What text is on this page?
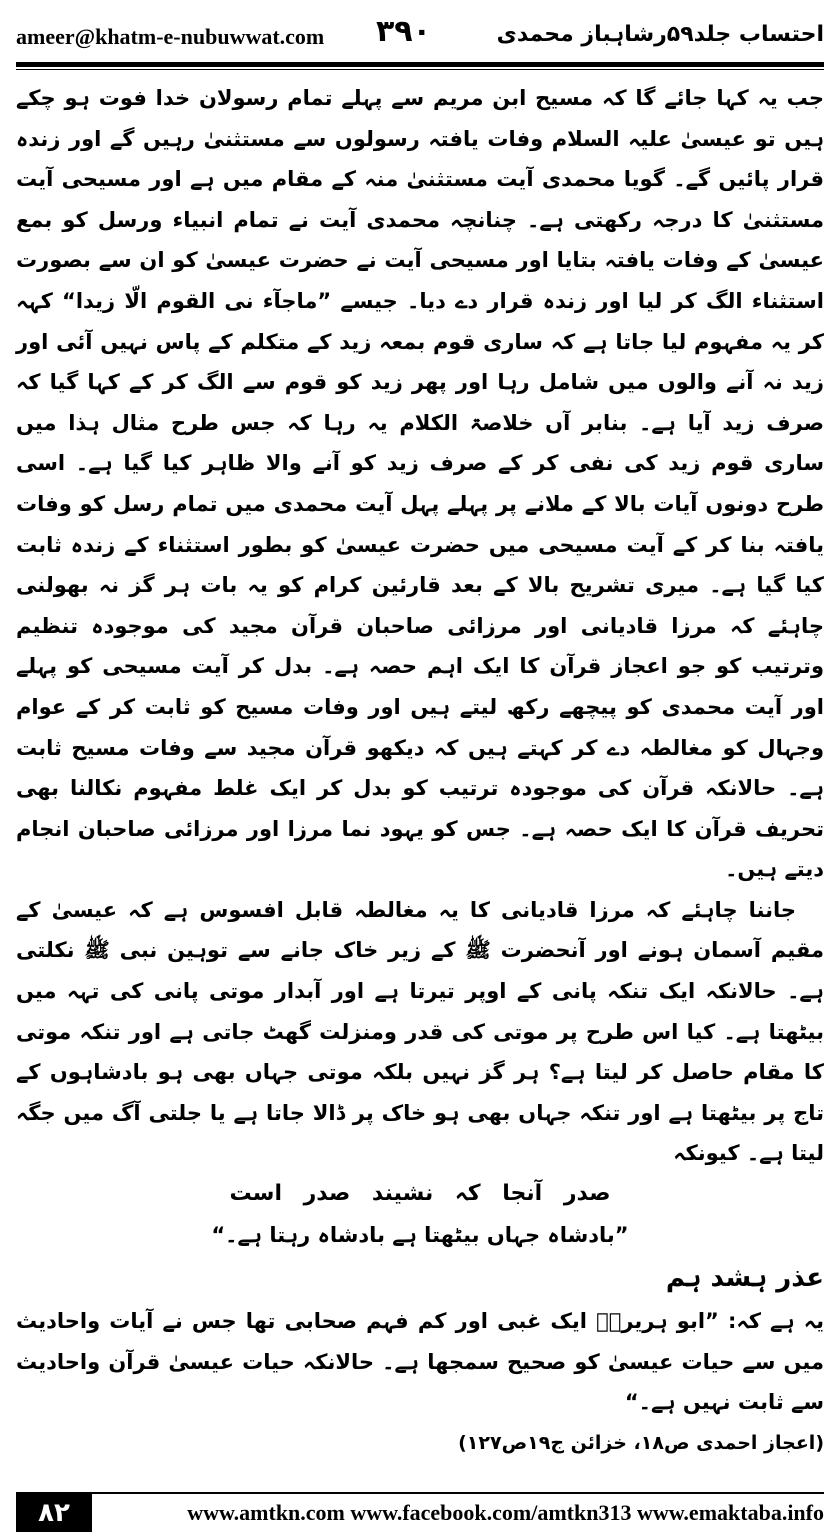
ameer@khatm-e-nubuwwat.com ۳۹۰	احتساب جلد۵۹رشاہباز محمدی

جب یہ کہا جائے گا کہ مسیح ابن مریم سے پہلے تمام رسولان خدا فوت ہو چکے ہیں تو عیسیٰ علیہ السلام وفات یافتہ رسولوں سے مستثنیٰ رہیں گے اور زندہ قرار پائیں گے۔ گویا محمدی آیت مستثنیٰ منہ کے مقام میں ہے اور مسیحی آیت مستثنیٰ کا درجہ رکھتی ہے۔ چنانچہ محمدی آیت نے تمام انبیاء ورسل کو بمع عیسیٰ کے وفات یافتہ بتایا اور مسیحی آیت نے حضرت عیسیٰ کو ان سے بصورت استثناء الگ کر لیا اور زندہ قرار دے دیا۔ جیسے ”ماجآء نی القوم الّا زیدا“ کہہ کر یہ مفہوم لیا جاتا ہے کہ ساری قوم بمعہ زید کے متکلم کے پاس نہیں آئی اور زید نہ آنے والوں میں شامل رہا اور پھر زید کو قوم سے الگ کر کے کہا گیا کہ صرف زید آیا ہے۔ بنابر آں خلاصۃ الکلام یہ رہا کہ جس طرح مثال ہذا میں ساری قوم زید کی نفی کر کے صرف زید کو آنے والا ظاہر کیا گیا ہے۔ اسی طرح دونوں آیات بالا کے ملانے پر پہلے پہل آیت محمدی میں تمام رسل کو وفات یافتہ بنا کر کے آیت مسیحی میں حضرت عیسیٰ کو بطور استثناء کے زندہ ثابت کیا گیا ہے۔ میری تشریح بالا کے بعد قارئین کرام کو یہ بات ہر گز نہ بھولنی چاہئے کہ مرزا قادیانی اور مرزائی صاحبان قرآن مجید کی موجودہ تنظیم وترتیب کو جو اعجاز قرآن کا ایک اہم حصہ ہے۔ بدل کر آیت مسیحی کو پہلے اور آیت محمدی کو پیچھے رکھ لیتے ہیں اور وفات مسیح کو ثابت کر کے عوام وجہال کو مغالطہ دے کر کہتے ہیں کہ دیکھو قرآن مجید سے وفات مسیح ثابت ہے۔ حالانکہ قرآن کی موجودہ ترتیب کو بدل کر ایک غلط مفہوم نکالنا بھی تحریف قرآن کا ایک حصہ ہے۔ جس کو یہود نما مرزا اور مرزائی صاحبان انجام دیتے ہیں۔

جاننا چاہئے کہ مرزا قادیانی کا یہ مغالطہ قابل افسوس ہے کہ عیسیٰ کے مقیم آسمان ہونے اور آنحضرت ﷺ کے زیر خاک جانے سے توہین نبی ﷺ نکلتی ہے۔ حالانکہ ایک تنکہ پانی کے اوپر تیرتا ہے اور آبدار موتی پانی کی تہہ میں بیٹھتا ہے۔ کیا اس طرح پر موتی کی قدر ومنزلت گھٹ جاتی ہے اور تنکہ موتی کا مقام حاصل کر لیتا ہے؟ ہر گز نہیں بلکہ موتی جہاں بھی ہو بادشاہوں کے تاج پر بیٹھتا ہے اور تنکہ جہاں بھی ہو خاک پر ڈالا جاتا ہے یا جلتی آگ میں جگہ لیتا ہے۔ کیونکہ

صدر آنجا کہ نشیند صدر است

”بادشاہ جہاں بیٹھتا ہے بادشاہ رہتا ہے۔“

عذر ہشد ہم

یہ ہے کہ: ”ابو ہریرہؓ ایک غبی اور کم فہم صحابی تھا جس نے آیات واحادیث میں سے حیات عیسیٰ کو صحیح سمجھا ہے۔ حالانکہ حیات عیسیٰ قرآن واحادیث سے ثابت نہیں ہے۔“

(اعجاز احمدی ص۱۸، خزائن ج۱۹ص۱۲۷)

۸۲	www.amtkn.com www.facebook.com/amtkn313 www.emaktaba.info
